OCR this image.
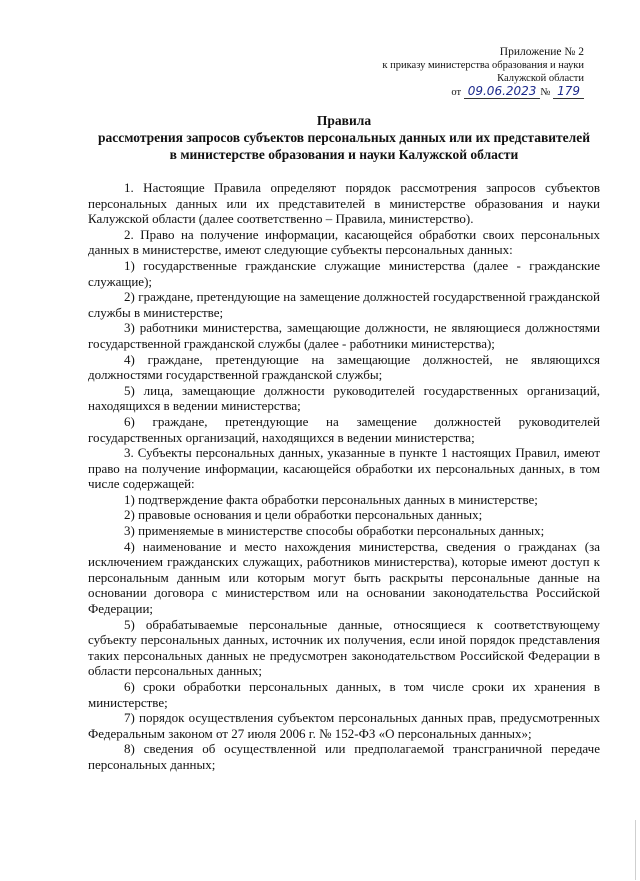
Приложение № 2
к приказу министерства образования и науки
Калужской области
от 09.06.2023 № 179
Правила
рассмотрения запросов субъектов персональных данных или их представителей
в министерстве образования и науки Калужской области

1. Настоящие Правила определяют порядок рассмотрения запросов субъектов персональных данных или их представителей в министерстве образования и науки Калужской области (далее соответственно – Правила, министерство).

2. Право на получение информации, касающейся обработки своих персональных данных в министерстве, имеют следующие субъекты персональных данных:

1) государственные гражданские служащие министерства (далее - гражданские служащие);

2) граждане, претендующие на замещение должностей государственной гражданской службы в министерстве;

3) работники министерства, замещающие должности, не являющиеся должностями государственной гражданской службы (далее - работники министерства);

4) граждане, претендующие на замещающие должностей, не являющихся должностями государственной гражданской службы;

5) лица, замещающие должности руководителей государственных организаций, находящихся в ведении министерства;

6) граждане, претендующие на замещение должностей руководителей государственных организаций, находящихся в ведении министерства;

3. Субъекты персональных данных, указанные в пункте 1 настоящих Правил, имеют право на получение информации, касающейся обработки их персональных данных, в том числе содержащей:

1) подтверждение факта обработки персональных данных в министерстве;

2) правовые основания и цели обработки персональных данных;

3) применяемые в министерстве способы обработки персональных данных;

4) наименование и место нахождения министерства, сведения о гражданах (за исключением гражданских служащих, работников министерства), которые имеют доступ к персональным данным или которым могут быть раскрыты персональные данные на основании договора с министерством или на основании законодательства Российской Федерации;

5) обрабатываемые персональные данные, относящиеся к соответствующему субъекту персональных данных, источник их получения, если иной порядок представления таких персональных данных не предусмотрен законодательством Российской Федерации в области персональных данных;

6) сроки обработки персональных данных, в том числе сроки их хранения в министерстве;

7) порядок осуществления субъектом персональных данных прав, предусмотренных Федеральным законом от 27 июля 2006 г. № 152-ФЗ «О персональных данных»;

8) сведения об осуществленной или предполагаемой трансграничной передаче персональных данных;
